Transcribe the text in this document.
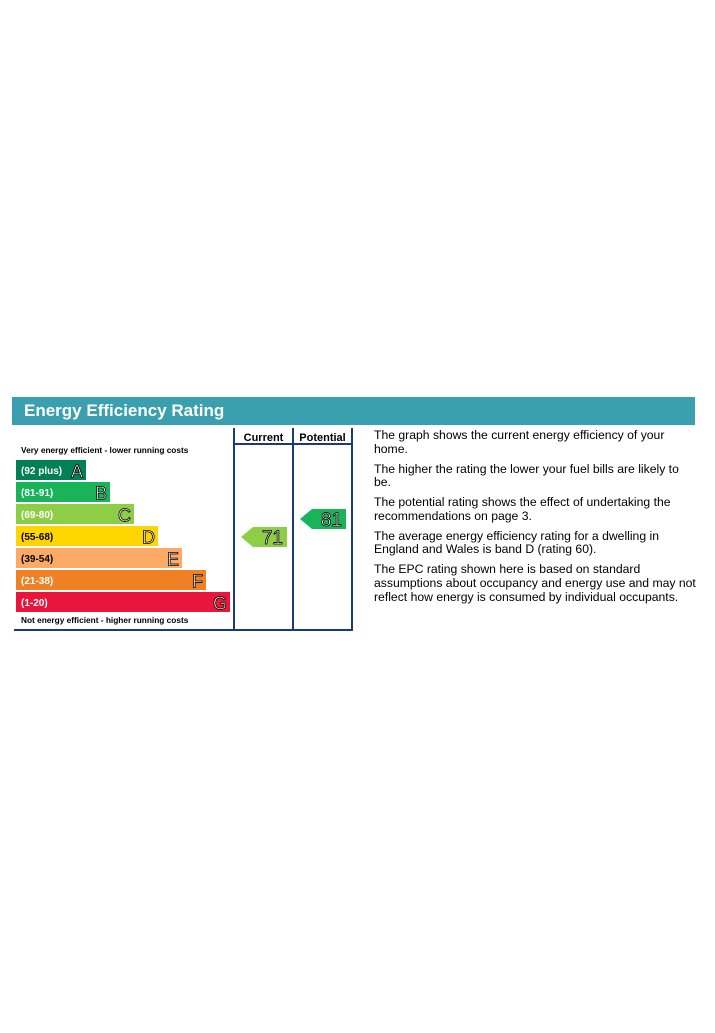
Energy Efficiency Rating
Very energy efficient - lower running costs
Not energy efficient - higher running costs
(92 plus) A
(81-91) B
(69-80)	C
(55-68)	D
(39-54)	E
(21-38)	F
(1-20)	G
Current Potential
71
81

The graph shows the current energy efficiency of your home.

The higher the rating the lower your fuel bills are likely to be.

The potential rating shows the effect of undertaking the recommendations on page 3.

The average energy efficiency rating for a dwelling in England and Wales is band D (rating 60).

The EPC rating shown here is based on standard assumptions about occupancy and energy use and may not reflect how energy is consumed by individual occupants.
